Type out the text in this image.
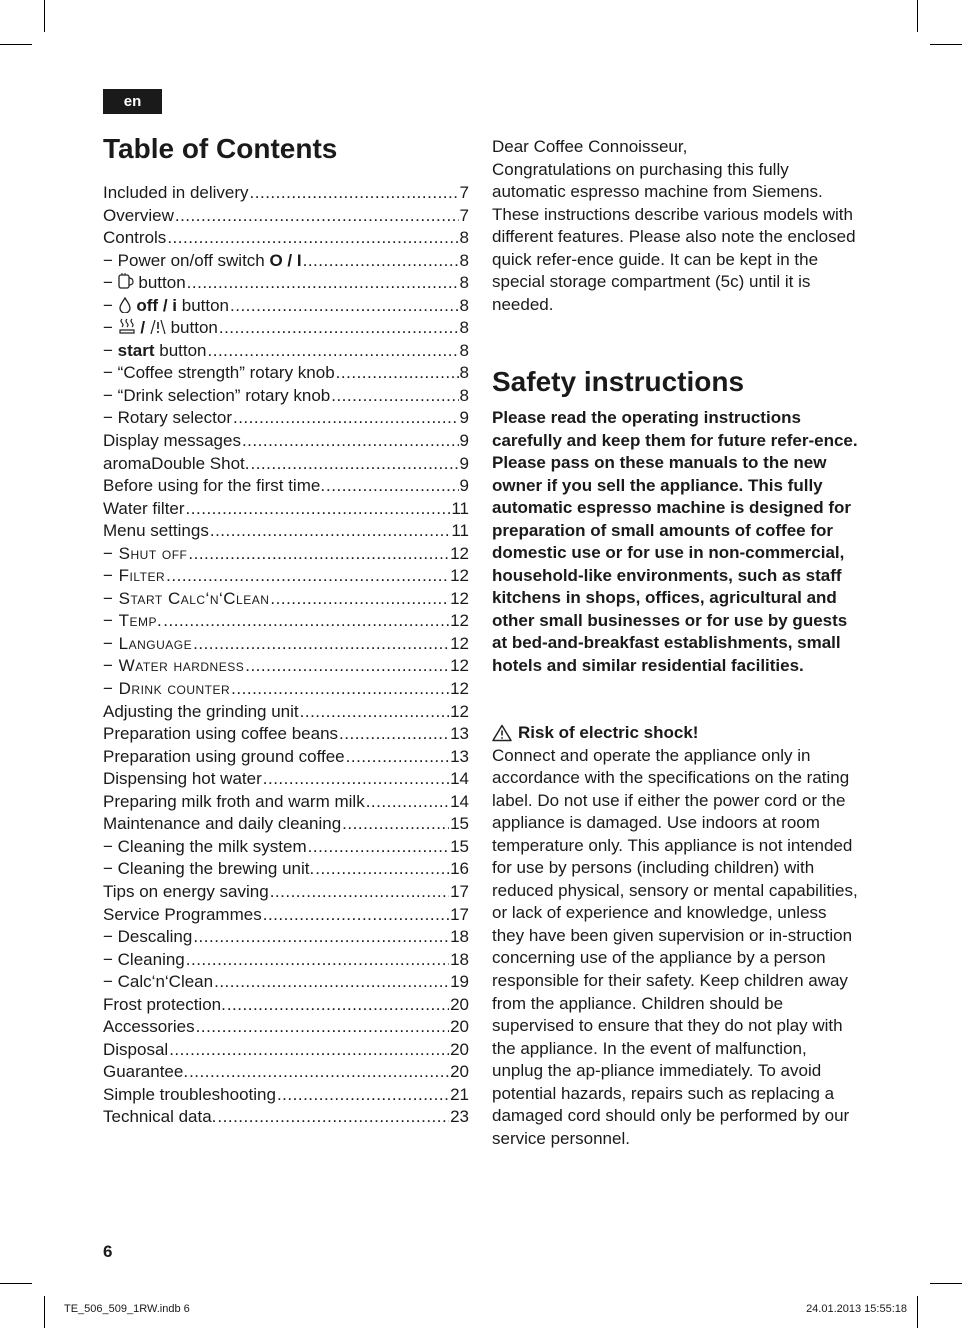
en
Table of Contents
Included in delivery .....	7
Overview .....	7
Controls .....	8
− Power on/off switch O / I .....	8
− button .....	8
− off / i button .....	8
− / button .....	8
− start button .....	8
− “Coffee strength” rotary knob .....	8
− “Drink selection” rotary knob .....	8
− Rotary selector .....	9
Display messages .....	9
aromaDouble Shot. .....	9
Before using for the first time. .....	9
Water filter .....	11
Menu settings .....	11
− Shut off .....	12
− Filter .....	12
− Start Calc‘n‘Clean .....	12
− Temp. .....	12
− Language .....	12
− Water hardness .....	12
− Drink counter .....	12
Adjusting the grinding unit .....	12
Preparation using coffee beans .....	13
Preparation using ground coffee .....	13
Dispensing hot water .....	14
Preparing milk froth and warm milk .....	14
Maintenance and daily cleaning .....	15
− Cleaning the milk system .....	15
− Cleaning the brewing unit. .....	16
Tips on energy saving .....	17
Service Programmes .....	17
− Descaling .....	18
− Cleaning .....	18
− Calc‘n‘Clean .....	19
Frost protection. .....	20
Accessories .....	20
Disposal .....	20
Guarantee. .....	20
Simple troubleshooting .....	21
Technical data. .....	23

Dear Coffee Connoisseur,

Congratulations on purchasing this fully automatic espresso machine from Siemens. These instructions describe various models with different features. Please also note the enclosed quick refer-ence guide. It can be kept in the special storage compartment (5c) until it is needed.

Safety instructions

Please read the operating instructions carefully and keep them for future refer-ence. Please pass on these manuals to the new owner if you sell the appliance. This fully automatic espresso machine is designed for preparation of small amounts of coffee for domestic use or for use in non-commercial, household-like environments, such as staff kitchens in shops, offices, agricultural and other small businesses or for use by guests at bed-and-breakfast establishments, small hotels and similar residential facilities.

Risk of electric shock!

Connect and operate the appliance only in accordance with the specifications on the rating label. Do not use if either the power cord or the appliance is damaged. Use indoors at room temperature only. This appliance is not intended for use by persons (including children) with reduced physical, sensory or mental capabilities, or lack of experience and knowledge, unless they have been given supervision or in-struction concerning use of the appliance by a person responsible for their safety. Keep children away from the appliance. Children should be supervised to ensure that they do not play with the appliance. In the event of malfunction, unplug the ap-pliance immediately. To avoid potential hazards, repairs such as replacing a damaged cord should only be performed by our service personnel.

6
TE_506_509_1RW.indb 6	24.01.2013 15:55:18
